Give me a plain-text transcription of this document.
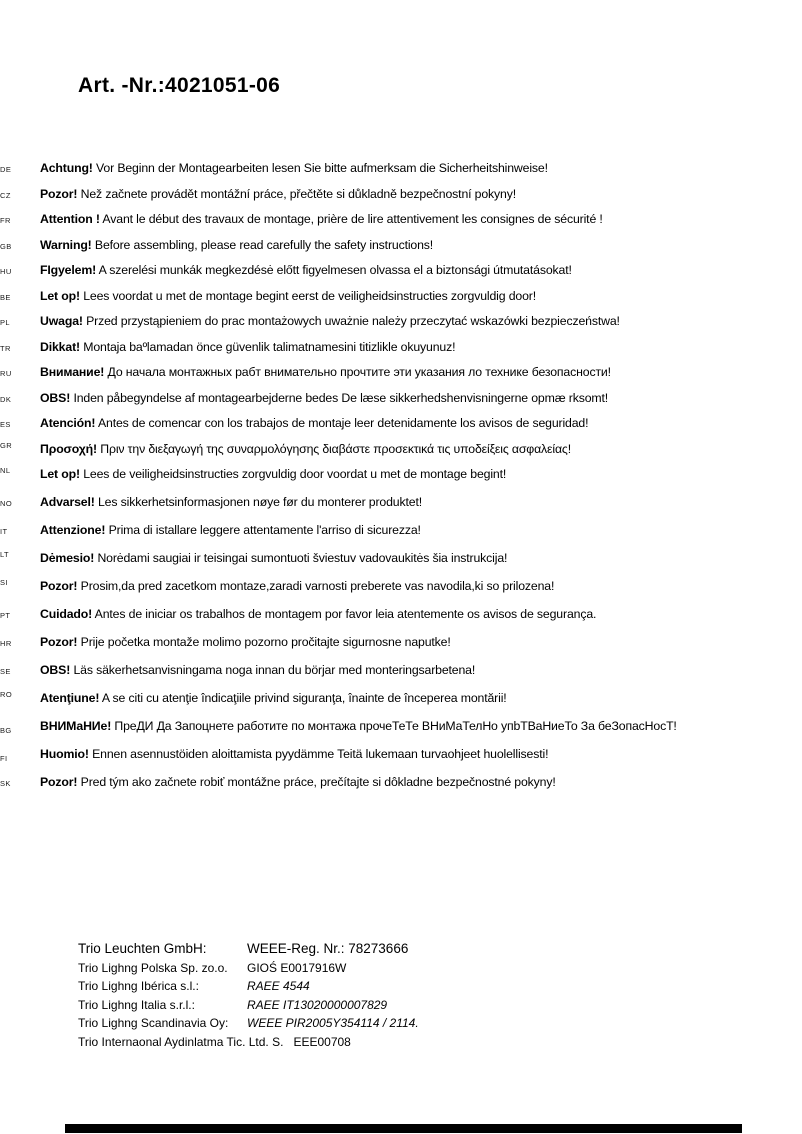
Art. -Nr.:4021051-06
DE	Achtung! Vor Beginn der Montagearbeiten lesen Sie bitte aufmerksam die Sicherheitshinweise!
CZ	Pozor! Než začnete provádět montážní práce, přečtěte si důkladně bezpečnostní pokyny!
FR	Attention ! Avant le début des travaux de montage, prière de lire attentivement les consignes de sécurité !
GB	Warning! Before assembling, please read carefully the safety instructions!
HU	FIgyelem! A szerelési munkák megkezdésė előtt figyelmesen olvassa el a biztonsági útmutatásokat!
BE	Let op! Lees voordat u met de montage begint eerst de veiligheidsinstructies zorgvuldig door!
PL	Uwaga! Przed przystąpieniem do prac montażowych uważnie należy przeczytać wskazówki bezpieczeństwa!
TR	Dikkat! Montaja baºlamadan önce güvenlik talimatnamesini titizlikle okuyunuz!
RU	Внимание! До начала монтажных рабт внимательно прочтите эти указания ло технике безопасности!
DK	OBS! Inden påbegyndelse af montagearbejderne bedes De læse sikkerhedshenvisningerne opmæ rksomt!
ES	Atención! Antes de comencar con los trabajos de montaje leer detenidamente los avisos de seguridad!
GR	Προσοχή! Πριν την διεξαγωγή της συναρμολόγησης διαβάστε προσεκτικά τις υποδείξεις ασφαλείας!
NL	Let op! Lees de veiligheidsinstructies zorgvuldig door voordat u met de montage begint!
NO	Advarsel! Les sikkerhetsinformasjonen nøye før du monterer produktet!
IT	Attenzione! Prima di istallare leggere attentamente l'arriso di sicurezza!
LT	Dėmesio! Norėdami saugiai ir teisingai sumontuoti šviestuv vadovaukitės šia instrukcija!
SI	Pozor! Prosim,da pred zacetkom montaze,zaradi varnosti preberete vas navodila,ki so prilozena!
PT	Cuidado! Antes de iniciar os trabalhos de montagem por favor leia atentemente os avisos de segurança.
HR	Pozor! Prije početka montaže molimo pozorno pročitajte sigurnosne naputke!
SE	OBS! Läs säkerhetsanvisningama noga innan du börjar med monteringsarbetena!
RO	Atenţiune! A se citi cu atenţie îndicaţiile privind siguranţa, înainte de începerea montării!
BG	ВНИМаНИе! ПреДИ Да Запоцнете работите по монтажа прочеТеТе ВНиМаТелНо упbТВаНиеТо За беЗопасНосТ!
FI	Huomio! Ennen asennustöiden aloittamista pyydämme Teitä lukemaan turvaohjeet huolellisesti!
SK	Pozor! Pred tým ako začnete robiť montážne práce, prečítajte si dôkladne bezpečnostné pokyny!
Trio Leuchten GmbH:	WEEE-Reg. Nr.: 78273666
Trio Lighng Polska Sp. zo.o.	GIOŚ E0017916W
Trio Lighng Ibérica s.l.:	RAEE 4544
Trio Lighng Italia s.r.l.:	RAEE IT13020000007829
Trio Lighng Scandinavia Oy:	WEEE PIR2005Y354114 / 2114.
Trio Internaonal Aydinlatma Tic. Ltd. S. EEE00708
